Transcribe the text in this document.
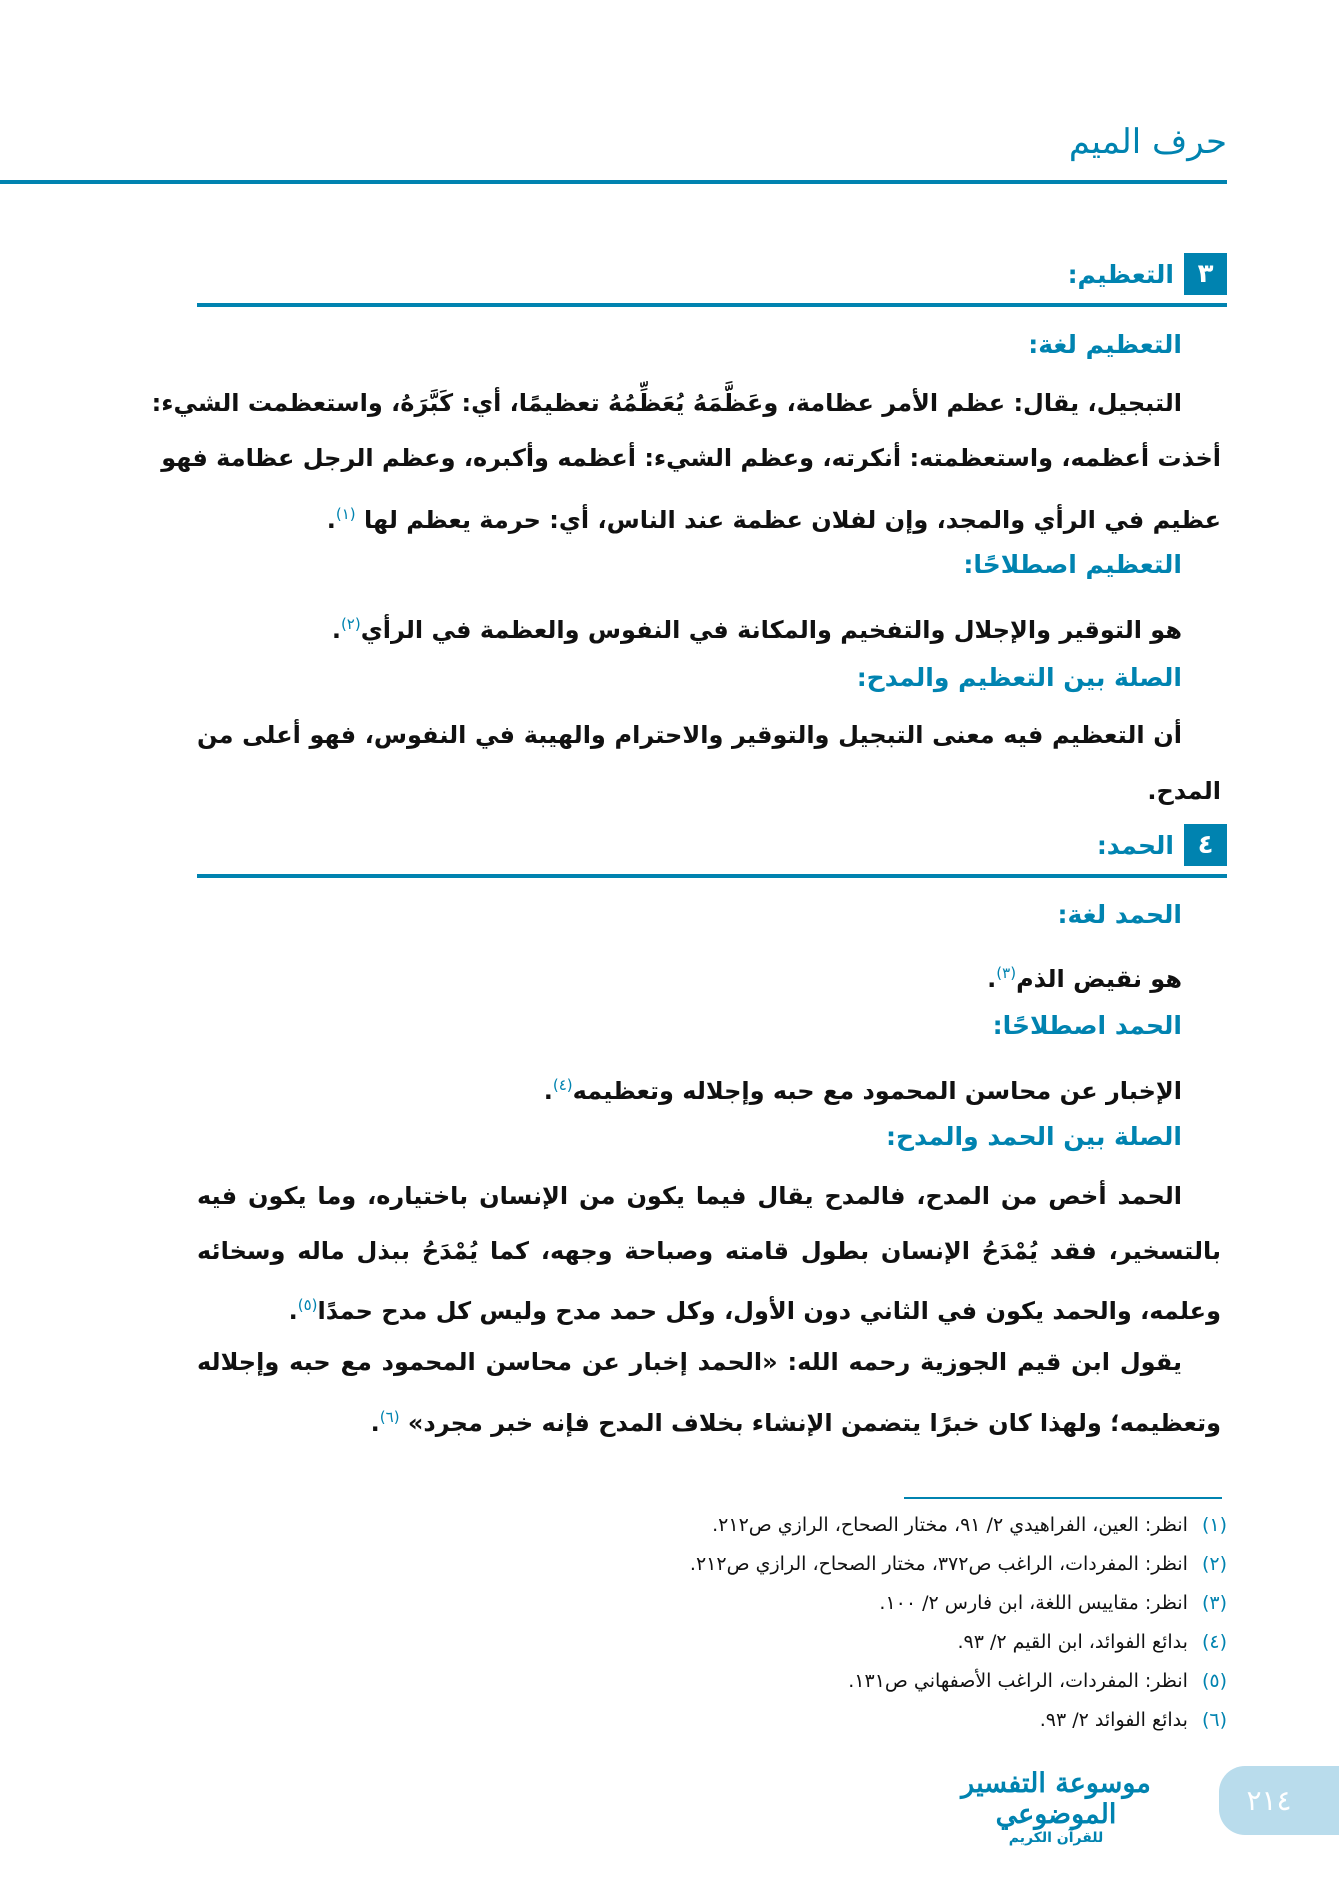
حرف الميم
٣
التعظيم:
التعظيم لغة:
التبجيل، يقال: عظم الأمر عظامة، وعَظَّمَهُ يُعَظِّمُهُ تعظيمًا، أي: كَبَّرَهُ، واستعظمت الشيء:
أخذت أعظمه، واستعظمته: أنكرته، وعظم الشيء: أعظمه وأكبره، وعظم الرجل عظامة فهو
عظيم في الرأي والمجد، وإن لفلان عظمة عند الناس، أي: حرمة يعظم لها $^{(١)}$.
التعظيم اصطلاحًا:
هو التوقير والإجلال والتفخيم والمكانة في النفوس والعظمة في الرأي$^{(٢)}$.
الصلة بين التعظيم والمدح:
أن التعظيم فيه معنى التبجيل والتوقير والاحترام والهيبة في النفوس، فهو أعلى من
المدح.
٤
الحمد:
الحمد لغة:
هو نقيض الذم$^{(٣)}$.
الحمد اصطلاحًا:
الإخبار عن محاسن المحمود مع حبه وإجلاله وتعظيمه$^{(٤)}$.
الصلة بين الحمد والمدح:
الحمد أخص من المدح، فالمدح يقال فيما يكون من الإنسان باختياره، وما يكون فيه
بالتسخير، فقد يُمْدَحُ الإنسان بطول قامته وصباحة وجهه، كما يُمْدَحُ ببذل ماله وسخائه
وعلمه، والحمد يكون في الثاني دون الأول، وكل حمد مدح وليس كل مدح حمدًا$^{(٥)}$.
يقول ابن قيم الجوزية رحمه الله: «الحمد إخبار عن محاسن المحمود مع حبه وإجلاله
وتعظيمه؛ ولهذا كان خبرًا يتضمن الإنشاء بخلاف المدح فإنه خبر مجرد» $^{(٦)}$.
(١)
انظر: العين، الفراهيدي ٢/ ٩١، مختار الصحاح، الرازي ص٢١٢.
(٢)
انظر: المفردات، الراغب ص٣٧٢، مختار الصحاح، الرازي ص٢١٢.
(٣)
انظر: مقاييس اللغة، ابن فارس ٢/ ١٠٠.
(٤)
بدائع الفوائد، ابن القيم ٢/ ٩٣.
(٥)
انظر: المفردات، الراغب الأصفهاني ص١٣١.
(٦)
بدائع الفوائد ٢/ ٩٣.
موسوعة التفسير الموضوعي
للقرآن الكريم
٢١٤
